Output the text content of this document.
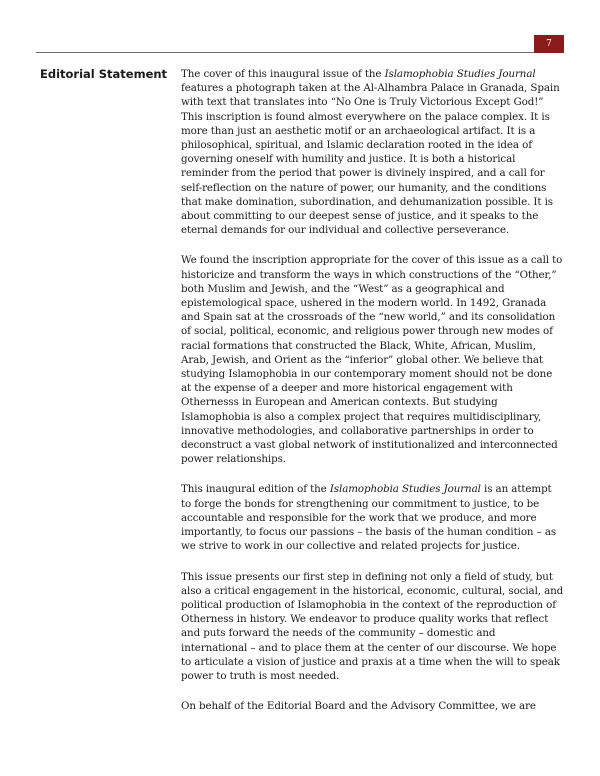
7
Editorial Statement	The cover of this inaugural issue of the Islamophobia Studies Journal features a photograph taken at the Al-Alhambra Palace in Granada, Spain with text that translates into “No One is Truly Victorious Except God!” This inscription is found almost everywhere on the palace complex. It is more than just an aesthetic motif or an archaeological artifact. It is a philosophical, spiritual, and Islamic declaration rooted in the idea of governing oneself with humility and justice. It is both a historical reminder from the period that power is divinely inspired, and a call for self-reflection on the nature of power, our humanity, and the conditions that make domination, subordination, and dehumanization possible. It is about committing to our deepest sense of justice, and it speaks to the eternal demands for our individual and collective perseverance.

We found the inscription appropriate for the cover of this issue as a call to historicize and transform the ways in which constructions of the “Other,” both Muslim and Jewish, and the “West” as a geographical and epistemological space, ushered in the modern world. In 1492, Granada and Spain sat at the crossroads of the “new world,” and its consolidation of social, political, economic, and religious power through new modes of racial formations that constructed the Black, White, African, Muslim, Arab, Jewish, and Orient as the “inferior” global other. We believe that studying Islamophobia in our contemporary moment should not be done at the expense of a deeper and more historical engagement with Othernesss in European and American contexts. But studying Islamophobia is also a complex project that requires multidisciplinary, innovative methodologies, and collaborative partnerships in order to deconstruct a vast global network of institutionalized and interconnected power relationships.

This inaugural edition of the Islamophobia Studies Journal is an attempt to forge the bonds for strengthening our commitment to justice, to be accountable and responsible for the work that we produce, and more importantly, to focus our passions – the basis of the human condition – as we strive to work in our collective and related projects for justice.

This issue presents our first step in defining not only a field of study, but also a critical engagement in the historical, economic, cultural, social, and political production of Islamophobia in the context of the reproduction of Otherness in history. We endeavor to produce quality works that reflect and puts forward the needs of the community – domestic and international – and to place them at the center of our discourse. We hope to articulate a vision of justice and praxis at a time when the will to speak power to truth is most needed.

On behalf of the Editorial Board and the Advisory Committee, we are
